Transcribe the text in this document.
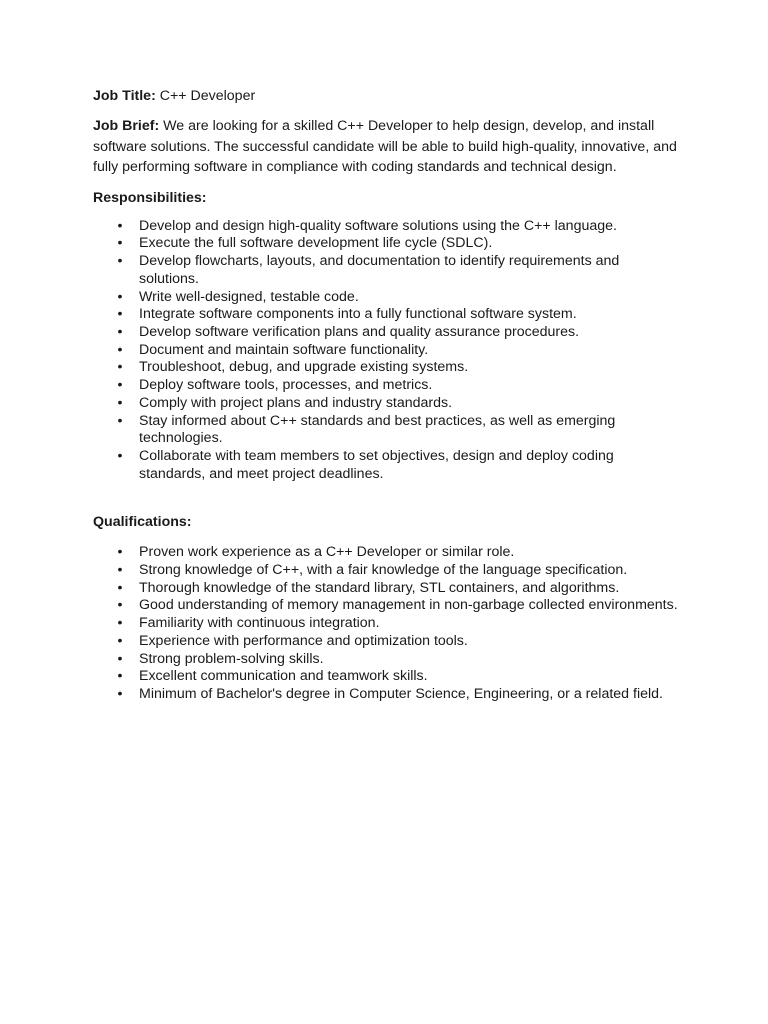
Job Title: C++ Developer

Job Brief: We are looking for a skilled C++ Developer to help design, develop, and install software solutions. The successful candidate will be able to build high-quality, innovative, and fully performing software in compliance with coding standards and technical design.

Responsibilities:

• Develop and design high-quality software solutions using the C++ language.
• Execute the full software development life cycle (SDLC).
• Develop flowcharts, layouts, and documentation to identify requirements and solutions.
• Write well-designed, testable code.
• Integrate software components into a fully functional software system.
• Develop software verification plans and quality assurance procedures.
• Document and maintain software functionality.
• Troubleshoot, debug, and upgrade existing systems.
• Deploy software tools, processes, and metrics.
• Comply with project plans and industry standards.
• Stay informed about C++ standards and best practices, as well as emerging technologies.
• Collaborate with team members to set objectives, design and deploy coding standards, and meet project deadlines.

Qualifications:

• Proven work experience as a C++ Developer or similar role.
• Strong knowledge of C++, with a fair knowledge of the language specification.
• Thorough knowledge of the standard library, STL containers, and algorithms.
• Good understanding of memory management in non-garbage collected environments.
• Familiarity with continuous integration.
• Experience with performance and optimization tools.
• Strong problem-solving skills.
• Excellent communication and teamwork skills.
• Minimum of Bachelor's degree in Computer Science, Engineering, or a related field.
